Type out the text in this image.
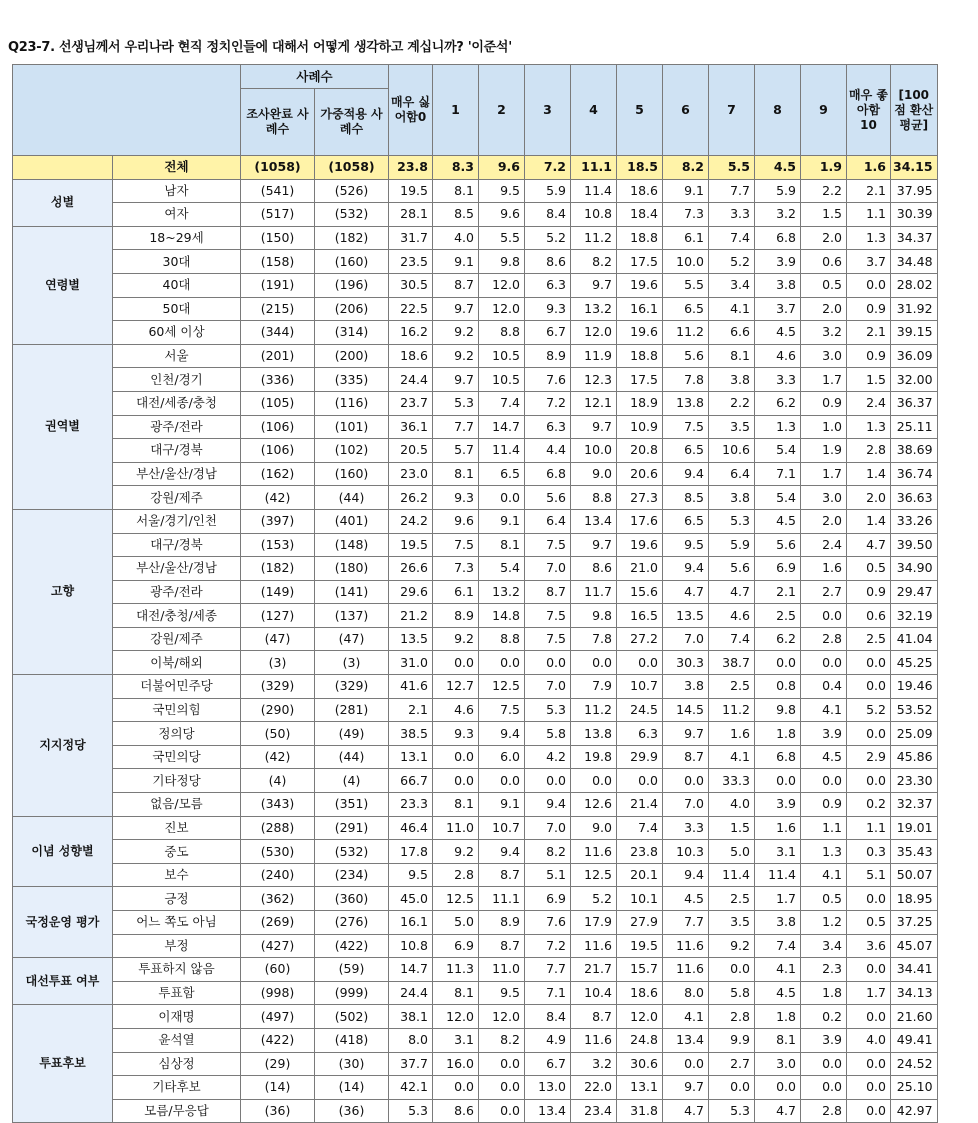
Q23-7. 선생님께서 우리나라 현직 정치인들에 대해서 어떻게 생각하고 계십니까? '이준석'
		사례수		매우 싫어함0	1	2	3	4	5	6	7	8	9	매우 좋아함10	[100점 환산 평균]
		조사완료 사례수	가중적용 사례수												
	전체	(1058)	(1058)	23.8	8.3	9.6	7.2	11.1	18.5	8.2	5.5	4.5	1.9	1.6	34.15
성별	남자	(541)	(526)	19.5	8.1	9.5	5.9	11.4	18.6	9.1	7.7	5.9	2.2	2.1	37.95
	여자	(517)	(532)	28.1	8.5	9.6	8.4	10.8	18.4	7.3	3.3	3.2	1.5	1.1	30.39
연령별	18~29세	(150)	(182)	31.7	4.0	5.5	5.2	11.2	18.8	6.1	7.4	6.8	2.0	1.3	34.37
	30대	(158)	(160)	23.5	9.1	9.8	8.6	8.2	17.5	10.0	5.2	3.9	0.6	3.7	34.48
	40대	(191)	(196)	30.5	8.7	12.0	6.3	9.7	19.6	5.5	3.4	3.8	0.5	0.0	28.02
	50대	(215)	(206)	22.5	9.7	12.0	9.3	13.2	16.1	6.5	4.1	3.7	2.0	0.9	31.92
	60세 이상	(344)	(314)	16.2	9.2	8.8	6.7	12.0	19.6	11.2	6.6	4.5	3.2	2.1	39.15
권역별	서울	(201)	(200)	18.6	9.2	10.5	8.9	11.9	18.8	5.6	8.1	4.6	3.0	0.9	36.09
	인천/경기	(336)	(335)	24.4	9.7	10.5	7.6	12.3	17.5	7.8	3.8	3.3	1.7	1.5	32.00
	대전/세종/충청	(105)	(116)	23.7	5.3	7.4	7.2	12.1	18.9	13.8	2.2	6.2	0.9	2.4	36.37
	광주/전라	(106)	(101)	36.1	7.7	14.7	6.3	9.7	10.9	7.5	3.5	1.3	1.0	1.3	25.11
	대구/경북	(106)	(102)	20.5	5.7	11.4	4.4	10.0	20.8	6.5	10.6	5.4	1.9	2.8	38.69
	부산/울산/경남	(162)	(160)	23.0	8.1	6.5	6.8	9.0	20.6	9.4	6.4	7.1	1.7	1.4	36.74
	강원/제주	(42)	(44)	26.2	9.3	0.0	5.6	8.8	27.3	8.5	3.8	5.4	3.0	2.0	36.63
고향	서울/경기/인천	(397)	(401)	24.2	9.6	9.1	6.4	13.4	17.6	6.5	5.3	4.5	2.0	1.4	33.26
	대구/경북	(153)	(148)	19.5	7.5	8.1	7.5	9.7	19.6	9.5	5.9	5.6	2.4	4.7	39.50
	부산/울산/경남	(182)	(180)	26.6	7.3	5.4	7.0	8.6	21.0	9.4	5.6	6.9	1.6	0.5	34.90
	광주/전라	(149)	(141)	29.6	6.1	13.2	8.7	11.7	15.6	4.7	4.7	2.1	2.7	0.9	29.47
	대전/충청/세종	(127)	(137)	21.2	8.9	14.8	7.5	9.8	16.5	13.5	4.6	2.5	0.0	0.6	32.19
	강원/제주	(47)	(47)	13.5	9.2	8.8	7.5	7.8	27.2	7.0	7.4	6.2	2.8	2.5	41.04
	이북/해외	(3)	(3)	31.0	0.0	0.0	0.0	0.0	0.0	30.3	38.7	0.0	0.0	0.0	45.25
지지정당	더불어민주당	(329)	(329)	41.6	12.7	12.5	7.0	7.9	10.7	3.8	2.5	0.8	0.4	0.0	19.46
	국민의힘	(290)	(281)	2.1	4.6	7.5	5.3	11.2	24.5	14.5	11.2	9.8	4.1	5.2	53.52
	정의당	(50)	(49)	38.5	9.3	9.4	5.8	13.8	6.3	9.7	1.6	1.8	3.9	0.0	25.09
	국민의당	(42)	(44)	13.1	0.0	6.0	4.2	19.8	29.9	8.7	4.1	6.8	4.5	2.9	45.86
	기타정당	(4)	(4)	66.7	0.0	0.0	0.0	0.0	0.0	0.0	33.3	0.0	0.0	0.0	23.30
	없음/모름	(343)	(351)	23.3	8.1	9.1	9.4	12.6	21.4	7.0	4.0	3.9	0.9	0.2	32.37
이념 성향별	진보	(288)	(291)	46.4	11.0	10.7	7.0	9.0	7.4	3.3	1.5	1.6	1.1	1.1	19.01
	중도	(530)	(532)	17.8	9.2	9.4	8.2	11.6	23.8	10.3	5.0	3.1	1.3	0.3	35.43
	보수	(240)	(234)	9.5	2.8	8.7	5.1	12.5	20.1	9.4	11.4	11.4	4.1	5.1	50.07
국정운영 평가	긍정	(362)	(360)	45.0	12.5	11.1	6.9	5.2	10.1	4.5	2.5	1.7	0.5	0.0	18.95
	어느 쪽도 아님	(269)	(276)	16.1	5.0	8.9	7.6	17.9	27.9	7.7	3.5	3.8	1.2	0.5	37.25
	부정	(427)	(422)	10.8	6.9	8.7	7.2	11.6	19.5	11.6	9.2	7.4	3.4	3.6	45.07
대선투표 여부	투표하지 않음	(60)	(59)	14.7	11.3	11.0	7.7	21.7	15.7	11.6	0.0	4.1	2.3	0.0	34.41
	투표함	(998)	(999)	24.4	8.1	9.5	7.1	10.4	18.6	8.0	5.8	4.5	1.8	1.7	34.13
투표후보	이재명	(497)	(502)	38.1	12.0	12.0	8.4	8.7	12.0	4.1	2.8	1.8	0.2	0.0	21.60
	윤석열	(422)	(418)	8.0	3.1	8.2	4.9	11.6	24.8	13.4	9.9	8.1	3.9	4.0	49.41
	심상정	(29)	(30)	37.7	16.0	0.0	6.7	3.2	30.6	0.0	2.7	3.0	0.0	0.0	24.52
	기타후보	(14)	(14)	42.1	0.0	0.0	13.0	22.0	13.1	9.7	0.0	0.0	0.0	0.0	25.10
	모름/무응답	(36)	(36)	5.3	8.6	0.0	13.4	23.4	31.8	4.7	5.3	4.7	2.8	0.0	42.97
